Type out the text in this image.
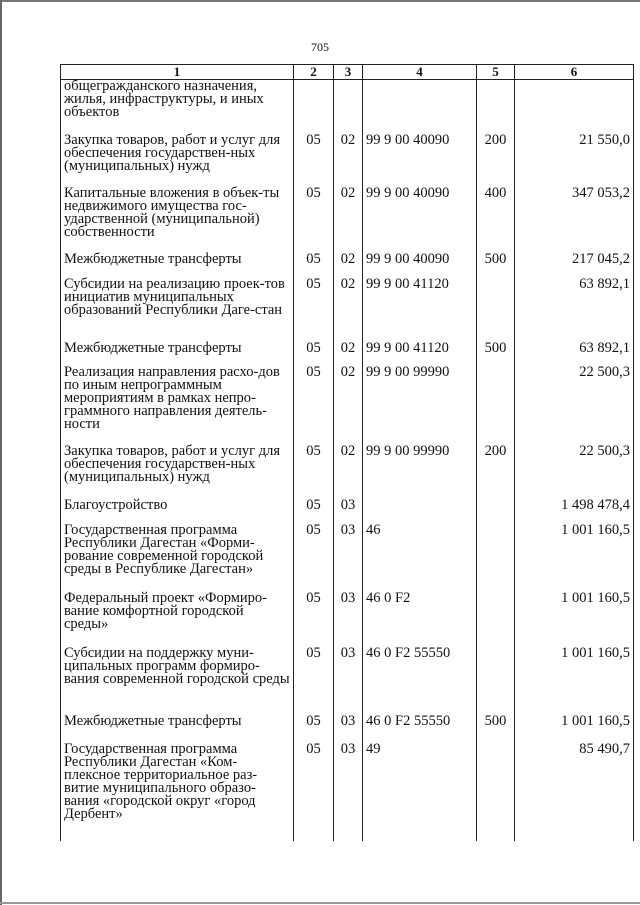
705
1	2	3	4	5	6
общегражданского назначения, жилья, инфраструктуры, и иных объектов					
Закупка товаров, работ и услуг для обеспечения государствен-ных (муниципальных) нужд	05	02	99 9 00 40090	200	21 550,0
Капитальные вложения в объек-ты недвижимого имущества гос-ударственной (муниципальной) собственности	05	02	99 9 00 40090	400	347 053,2
Межбюджетные трансферты	05	02	99 9 00 40090	500	217 045,2
Субсидии на реализацию проек-тов инициатив муниципальных образований Республики Даге-стан	05	02	99 9 00 41120		63 892,1
Межбюджетные трансферты	05	02	99 9 00 41120	500	63 892,1
Реализация направления расхо-дов по иным непрограммным мероприятиям в рамках непро-граммного направления деятель-ности	05	02	99 9 00 99990		22 500,3
Закупка товаров, работ и услуг для обеспечения государствен-ных (муниципальных) нужд	05	02	99 9 00 99990	200	22 500,3
Благоустройство	05	03			1 498 478,4
Государственная программа Республики Дагестан «Форми-рование современной городской среды в Республике Дагестан»	05	03	46		1 001 160,5
Федеральный проект «Формиро-вание комфортной городской среды»	05	03	46 0 F2		1 001 160,5
Субсидии на поддержку муни-ципальных программ формиро-вания современной городской среды	05	03	46 0 F2 55550		1 001 160,5
Межбюджетные трансферты	05	03	46 0 F2 55550	500	1 001 160,5
Государственная программа Республики Дагестан «Ком-плексное территориальное раз-витие муниципального образо-вания «городской округ «город Дербент»	05	03	49		85 490,7
